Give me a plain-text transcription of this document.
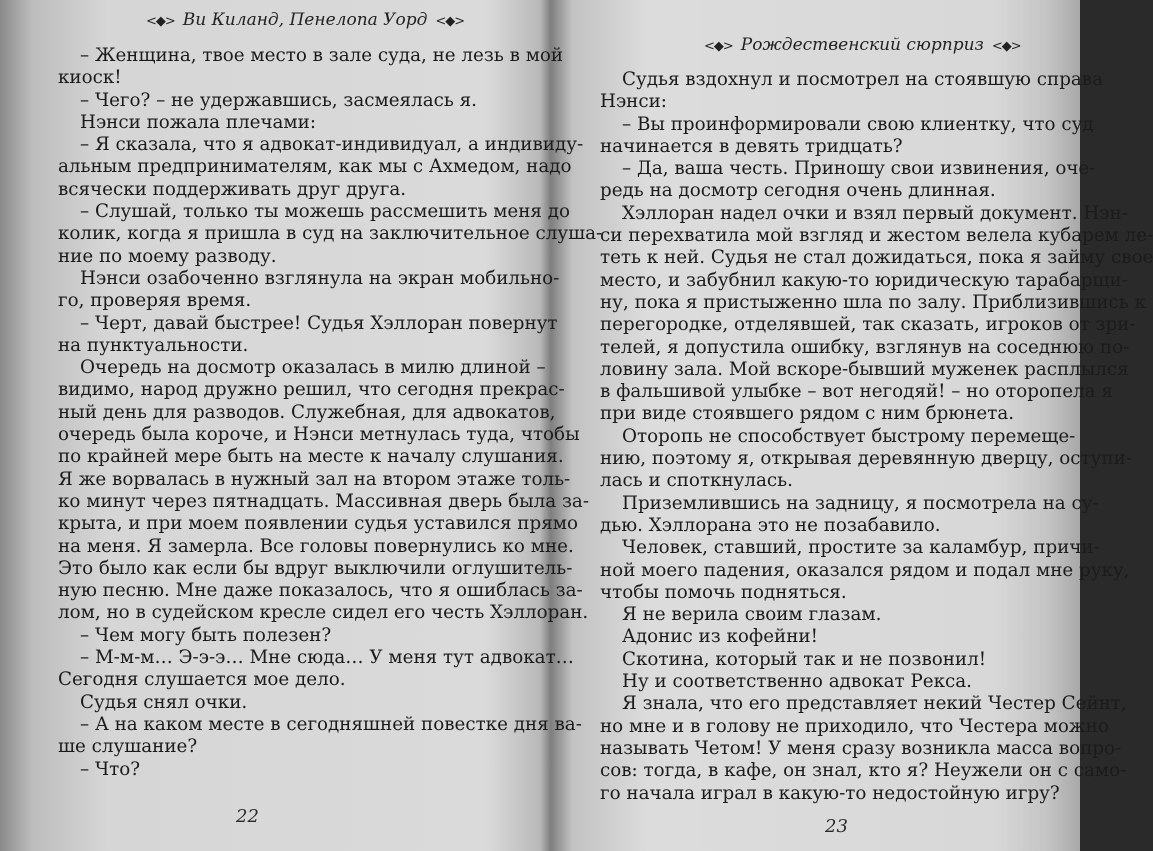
<◆> Ви Киланд, Пенелопа Уорд <◆>
– Женщина, твое место в зале суда, не лезь в мой
киоск!
– Чего? – не удержавшись, засмеялась я.
Нэнси пожала плечами:
– Я сказала, что я адвокат-индивидуал, а индивиду-
альным предпринимателям, как мы с Ахмедом, надо
всячески поддерживать друг друга.
– Слушай, только ты можешь рассмешить меня до
колик, когда я пришла в суд на заключительное слуша-
ние по моему разводу.
Нэнси озабоченно взглянула на экран мобильно-
го, проверяя время.
– Черт, давай быстрее! Судья Хэллоран повернут
на пунктуальности.
Очередь на досмотр оказалась в милю длиной –
видимо, народ дружно решил, что сегодня прекрас-
ный день для разводов. Служебная, для адвокатов,
очередь была короче, и Нэнси метнулась туда, чтобы
по крайней мере быть на месте к началу слушания.
Я же ворвалась в нужный зал на втором этаже толь-
ко минут через пятнадцать. Массивная дверь была за-
крыта, и при моем появлении судья уставился прямо
на меня. Я замерла. Все головы повернулись ко мне.
Это было как если бы вдруг выключили оглушитель-
ную песню. Мне даже показалось, что я ошиблась за-
лом, но в судейском кресле сидел его честь Хэллоран.
– Чем могу быть полезен?
– М-м-м… Э-э-э… Мне сюда… У меня тут адвокат…
Сегодня слушается мое дело.
Судья снял очки.
– А на каком месте в сегодняшней повестке дня ва-
ше слушание?
– Что?
22
<◆> Рождественский сюрприз <◆>
Судья вздохнул и посмотрел на стоявшую справа
Нэнси:
– Вы проинформировали свою клиентку, что суд
начинается в девять тридцать?
– Да, ваша честь. Приношу свои извинения, оче-
редь на досмотр сегодня очень длинная.
Хэллоран надел очки и взял первый документ. Нэн-
си перехватила мой взгляд и жестом велела кубарем ле-
теть к ней. Судья не стал дожидаться, пока я займу свое
место, и забубнил какую-то юридическую тарабарщи-
ну, пока я пристыженно шла по залу. Приблизившись к
перегородке, отделявшей, так сказать, игроков от зри-
телей, я допустила ошибку, взглянув на соседнюю по-
ловину зала. Мой вскоре-бывший муженек расплылся
в фальшивой улыбке – вот негодяй! – но оторопела я
при виде стоявшего рядом с ним брюнета.
Оторопь не способствует быстрому перемеще-
нию, поэтому я, открывая деревянную дверцу, оступи-
лась и споткнулась.
Приземлившись на задницу, я посмотрела на су-
дью. Хэллорана это не позабавило.
Человек, ставший, простите за каламбур, причи-
ной моего падения, оказался рядом и подал мне руку,
чтобы помочь подняться.
Я не верила своим глазам.
Адонис из кофейни!
Скотина, который так и не позвонил!
Ну и соответственно адвокат Рекса.
Я знала, что его представляет некий Честер Сейнт,
но мне и в голову не приходило, что Честера можно
называть Четом! У меня сразу возникла масса вопро-
сов: тогда, в кафе, он знал, кто я? Неужели он с само-
го начала играл в какую-то недостойную игру?
23
